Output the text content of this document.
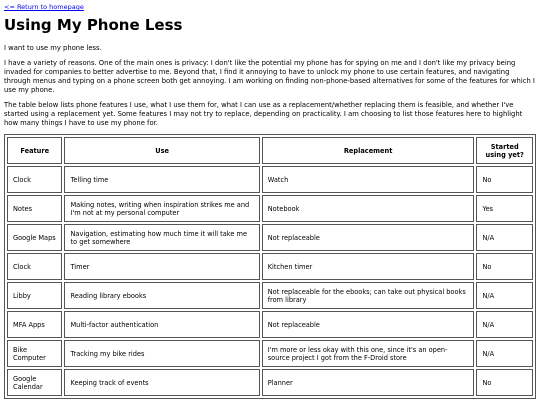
<= Return to homepage
Using My Phone Less

I want to use my phone less.

I have a variety of reasons. One of the main ones is privacy: I don't like the potential my phone has for spying on me and I don't like my privacy being invaded for companies to better advertise to me. Beyond that, I find it annoying to have to unlock my phone to use certain features, and navigating through menus and typing on a phone screen both get annoying. I am working on finding non-phone-based alternatives for some of the features for which I use my phone.

The table below lists phone features I use, what I use them for, what I can use as a replacement/whether replacing them is feasible, and whether I've started using a replacement yet. Some features I may not try to replace, depending on practicality. I am choosing to list those features here to highlight how many things I have to use my phone for.

Feature	Use	Replacement	Started using yet?
Clock	Telling time	Watch	No
Notes	Making notes, writing when inspiration strikes me and I'm not at my personal computer	Notebook	Yes
Google Maps	Navigation, estimating how much time it will take me to get somewhere	Not replaceable	N/A
Clock	Timer	Kitchen timer	No
Libby	Reading library ebooks	Not replaceable for the ebooks; can take out physical books from library	N/A
MFA Apps	Multi-factor authentication	Not replaceable	N/A
Bike Computer	Tracking my bike rides	I'm more or less okay with this one, since it's an open-source project I got from the F-Droid store	N/A
Google Calendar	Keeping track of events	Planner	No
